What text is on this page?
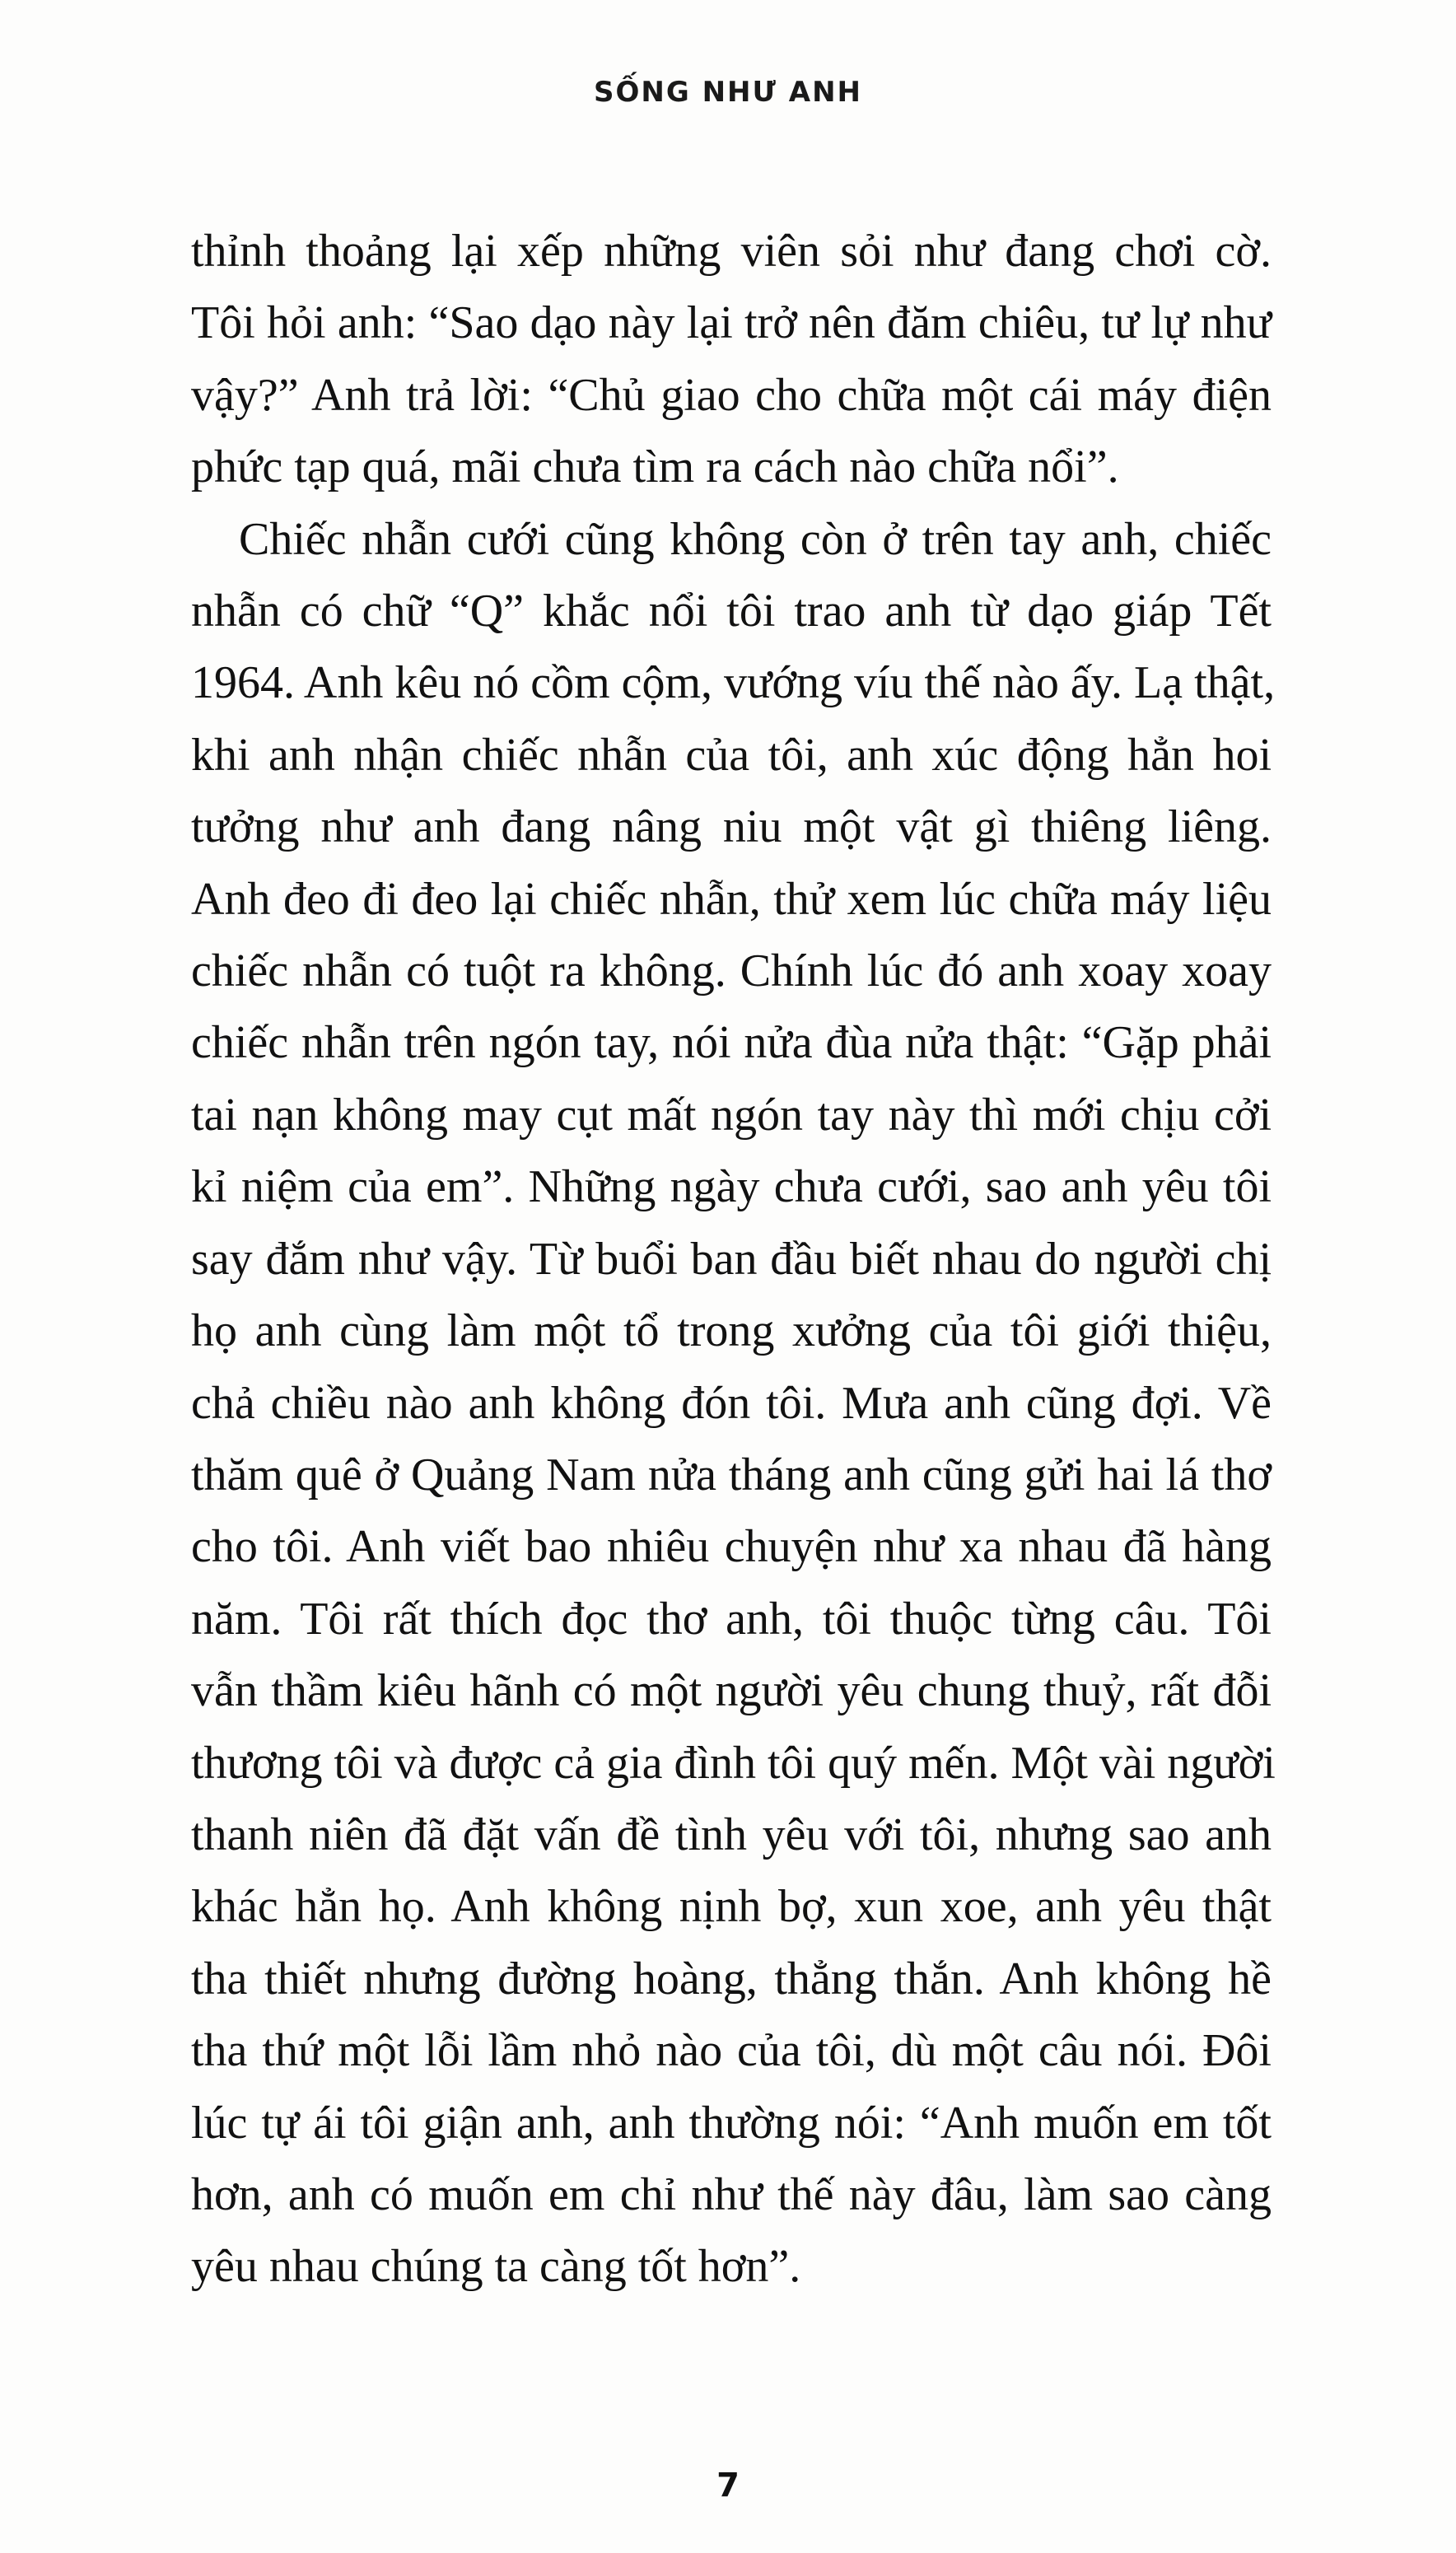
SỐNG NHƯ ANH
thỉnh thoảng lại xếp những viên sỏi như đang chơi cờ.
Tôi hỏi anh: “Sao dạo này lại trở nên đăm chiêu, tư lự như
vậy?” Anh trả lời: “Chủ giao cho chữa một cái máy điện
phức tạp quá, mãi chưa tìm ra cách nào chữa nổi”.
Chiếc nhẫn cưới cũng không còn ở trên tay anh, chiếc
nhẫn có chữ “Q” khắc nổi tôi trao anh từ dạo giáp Tết
1964. Anh kêu nó cồm cộm, vướng víu thế nào ấy. Lạ thật,
khi anh nhận chiếc nhẫn của tôi, anh xúc động hẳn hoi
tưởng như anh đang nâng niu một vật gì thiêng liêng.
Anh đeo đi đeo lại chiếc nhẫn, thử xem lúc chữa máy liệu
chiếc nhẫn có tuột ra không. Chính lúc đó anh xoay xoay
chiếc nhẫn trên ngón tay, nói nửa đùa nửa thật: “Gặp phải
tai nạn không may cụt mất ngón tay này thì mới chịu cởi
kỉ niệm của em”. Những ngày chưa cưới, sao anh yêu tôi
say đắm như vậy. Từ buổi ban đầu biết nhau do người chị
họ anh cùng làm một tổ trong xưởng của tôi giới thiệu,
chả chiều nào anh không đón tôi. Mưa anh cũng đợi. Về
thăm quê ở Quảng Nam nửa tháng anh cũng gửi hai lá thơ
cho tôi. Anh viết bao nhiêu chuyện như xa nhau đã hàng
năm. Tôi rất thích đọc thơ anh, tôi thuộc từng câu. Tôi
vẫn thầm kiêu hãnh có một người yêu chung thuỷ, rất đỗi
thương tôi và được cả gia đình tôi quý mến. Một vài người
thanh niên đã đặt vấn đề tình yêu với tôi, nhưng sao anh
khác hẳn họ. Anh không nịnh bợ, xun xoe, anh yêu thật
tha thiết nhưng đường hoàng, thẳng thắn. Anh không hề
tha thứ một lỗi lầm nhỏ nào của tôi, dù một câu nói. Đôi
lúc tự ái tôi giận anh, anh thường nói: “Anh muốn em tốt
hơn, anh có muốn em chỉ như thế này đâu, làm sao càng
yêu nhau chúng ta càng tốt hơn”.
7
